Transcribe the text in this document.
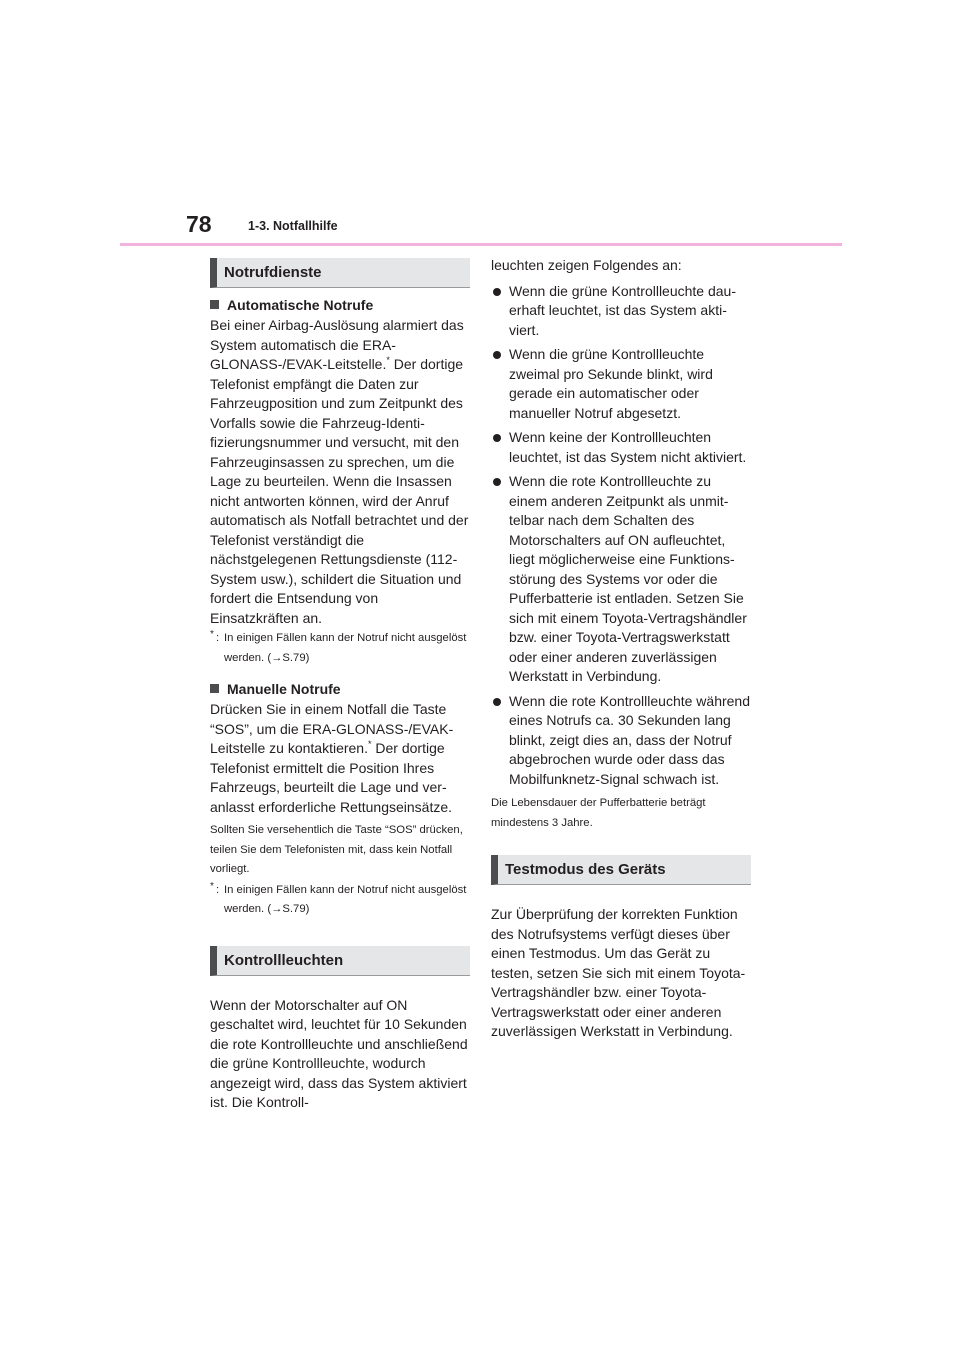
78	1-3. Notfallhilfe
Notrufdienste
Automatische Notrufe

Bei einer Airbag-Auslösung alarmiert das System automatisch die ERA-GLONASS-/EVAK-Leitstelle.* Der dortige Telefonist empfängt die Daten zur Fahrzeugposition und zum Zeitpunkt des Vorfalls sowie die Fahrzeug-Identifizierungsnummer und versucht, mit den Fahrzeuginsassen zu sprechen, um die Lage zu beurteilen. Wenn die Insassen nicht antworten können, wird der Anruf automatisch als Notfall betrachtet und der Telefonist verständigt die nächstgelegenen Rettungsdienste (112-System usw.), schildert die Situation und fordert die Entsendung von Einsatzkräften an.

* : In einigen Fällen kann der Notruf nicht ausgelöst werden. (→S.79)
Manuelle Notrufe

Drücken Sie in einem Notfall die Taste “SOS”, um die ERA-GLONASS-/EVAK-Leitstelle zu kontaktieren.* Der dortige Telefonist ermittelt die Position Ihres Fahrzeugs, beurteilt die Lage und veranlasst erforderliche Rettungseinsätze.

Sollten Sie versehentlich die Taste “SOS” drücken, teilen Sie dem Telefonisten mit, dass kein Notfall vorliegt.

* : In einigen Fällen kann der Notruf nicht ausgelöst werden. (→S.79)
Kontrollleuchten

Wenn der Motorschalter auf ON geschaltet wird, leuchtet für 10 Sekunden die rote Kontrollleuchte und anschließend die grüne Kontrollleuchte, wodurch angezeigt wird, dass das System aktiviert ist. Die Kontroll-

leuchten zeigen Folgendes an:

Wenn die grüne Kontrollleuchte dauerhaft leuchtet, ist das System aktiviert.
Wenn die grüne Kontrollleuchte zweimal pro Sekunde blinkt, wird gerade ein automatischer oder manueller Notruf abgesetzt.
Wenn keine der Kontrollleuchten leuchtet, ist das System nicht aktiviert.
Wenn die rote Kontrollleuchte zu einem anderen Zeitpunkt als unmittelbar nach dem Schalten des Motorschalters auf ON aufleuchtet, liegt möglicherweise eine Funktionsstörung des Systems vor oder die Pufferbatterie ist entladen. Setzen Sie sich mit einem Toyota-Vertragshändler bzw. einer Toyota-Vertragswerkstatt oder einer anderen zuverlässigen Werkstatt in Verbindung.
Wenn die rote Kontrollleuchte während eines Notrufs ca. 30 Sekunden lang blinkt, zeigt dies an, dass der Notruf abgebrochen wurde oder dass das Mobilfunknetz-Signal schwach ist.

Die Lebensdauer der Pufferbatterie beträgt mindestens 3 Jahre.

Testmodus des Geräts

Zur Überprüfung der korrekten Funktion des Notrufsystems verfügt dieses über einen Testmodus. Um das Gerät zu testen, setzen Sie sich mit einem Toyota-Vertragshändler bzw. einer Toyota-Vertragswerkstatt oder einer anderen zuverlässigen Werkstatt in Verbindung.
